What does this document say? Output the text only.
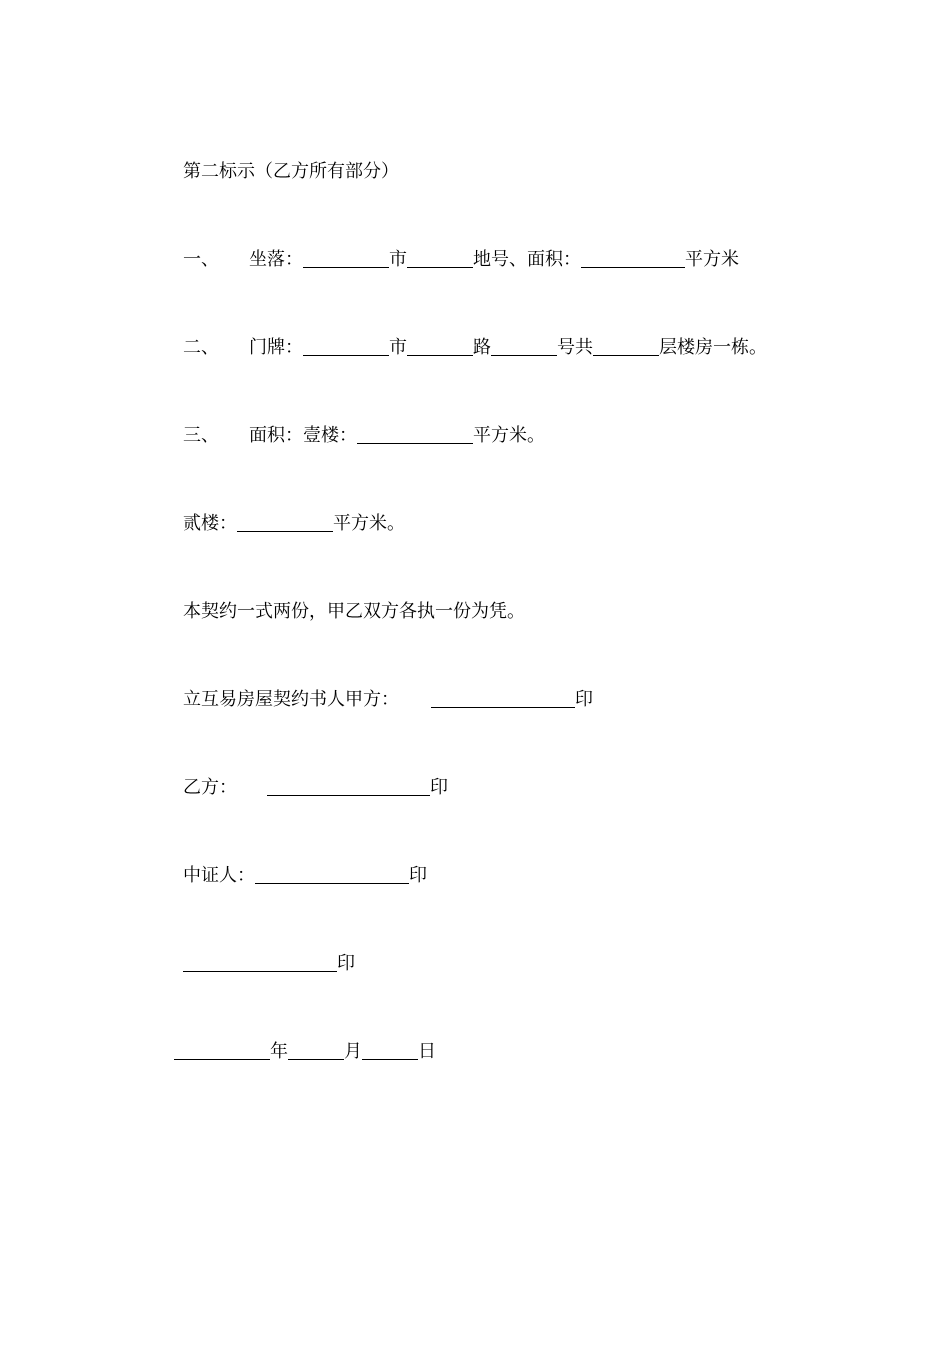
第二标示（乙方所有部分）
一、 坐落：	市	地号、面积：	平方米
二、 门牌：	市	路	号共	层楼房一栋。
三、 面积：壹楼：	平方米。
贰楼：	平方米。
本契约一式两份，甲乙双方各执一份为凭。
立互易房屋契约书人甲方：	印
乙方：	印
中证人：	印
印
年	月	日
